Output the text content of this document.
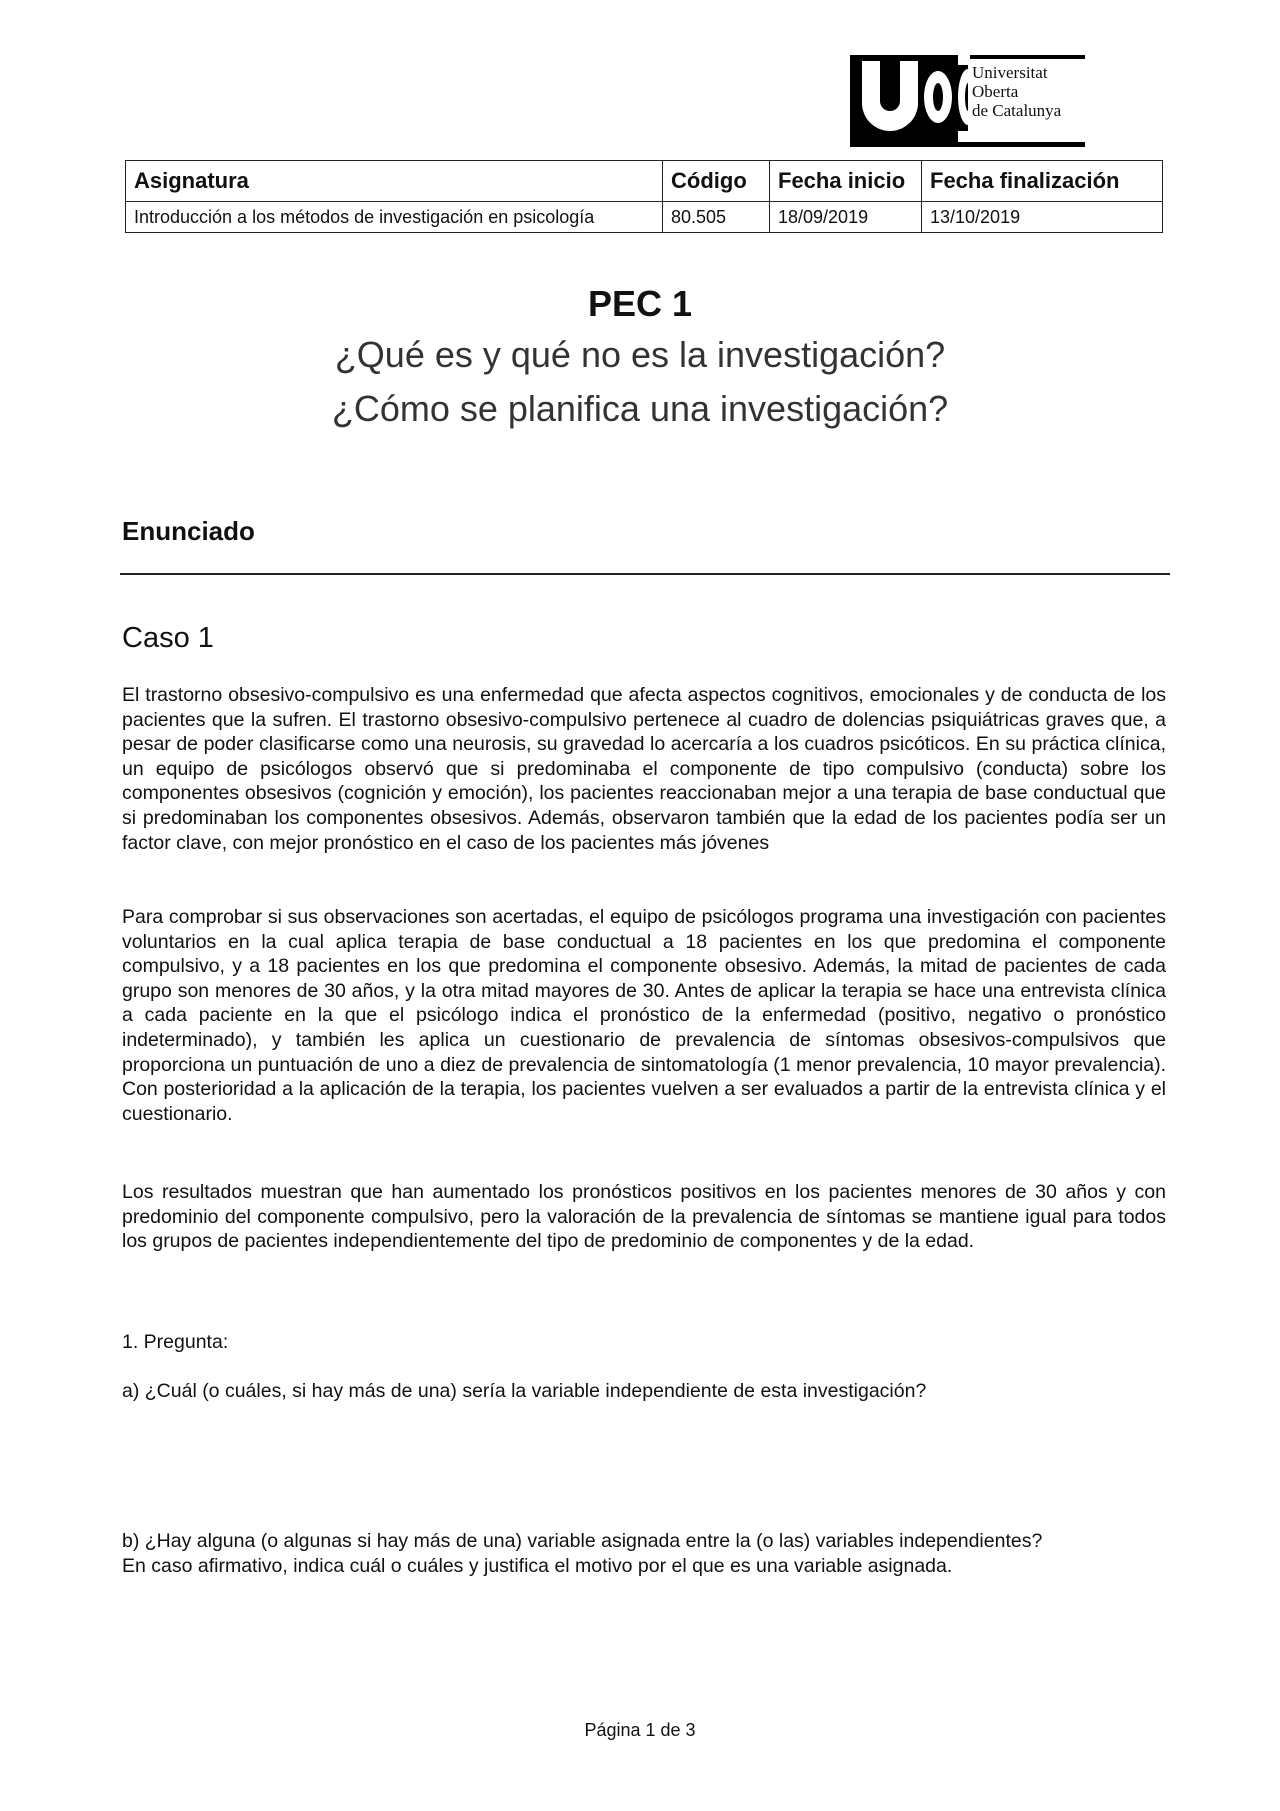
Universitat
Oberta
de Catalunya
Asignatura	Código	Fecha inicio	Fecha finalización
Introducción a los métodos de investigación en psicología	80.505	18/09/2019	13/10/2019
PEC 1

¿Qué es y qué no es la investigación?

¿Cómo se planifica una investigación?

Enunciado
Caso 1

El trastorno obsesivo-compulsivo es una enfermedad que afecta aspectos cognitivos, emocionales y de conducta de los pacientes que la sufren. El trastorno obsesivo-compulsivo pertenece al cuadro de dolencias psiquiátricas graves que, a pesar de poder clasificarse como una neurosis, su gravedad lo acercaría a los cuadros psicóticos. En su práctica clínica, un equipo de psicólogos observó que si predominaba el componente de tipo compulsivo (conducta) sobre los componentes obsesivos (cognición y emoción), los pacientes reaccionaban mejor a una terapia de base conductual que si predominaban los componentes obsesivos. Además, observaron también que la edad de los pacientes podía ser un factor clave, con mejor pronóstico en el caso de los pacientes más jóvenes

Para comprobar si sus observaciones son acertadas, el equipo de psicólogos programa una investigación con pacientes voluntarios en la cual aplica terapia de base conductual a 18 pacientes en los que predomina el componente compulsivo, y a 18 pacientes en los que predomina el componente obsesivo. Además, la mitad de pacientes de cada grupo son menores de 30 años, y la otra mitad mayores de 30. Antes de aplicar la terapia se hace una entrevista clínica a cada paciente en la que el psicólogo indica el pronóstico de la enfermedad (positivo, negativo o pronóstico indeterminado), y también les aplica un cuestionario de prevalencia de síntomas obsesivos-compulsivos que proporciona un puntuación de uno a diez de prevalencia de sintomatología (1 menor prevalencia, 10 mayor prevalencia). Con posterioridad a la aplicación de la terapia, los pacientes vuelven a ser evaluados a partir de la entrevista clínica y el cuestionario.

Los resultados muestran que han aumentado los pronósticos positivos en los pacientes menores de 30 años y con predominio del componente compulsivo, pero la valoración de la prevalencia de síntomas se mantiene igual para todos los grupos de pacientes independientemente del tipo de predominio de componentes y de la edad.

1. Pregunta:

a) ¿Cuál (o cuáles, si hay más de una) sería la variable independiente de esta investigación?

b) ¿Hay alguna (o algunas si hay más de una) variable asignada entre la (o las) variables independientes?
En caso afirmativo, indica cuál o cuáles y justifica el motivo por el que es una variable asignada.
Página 1 de 3
